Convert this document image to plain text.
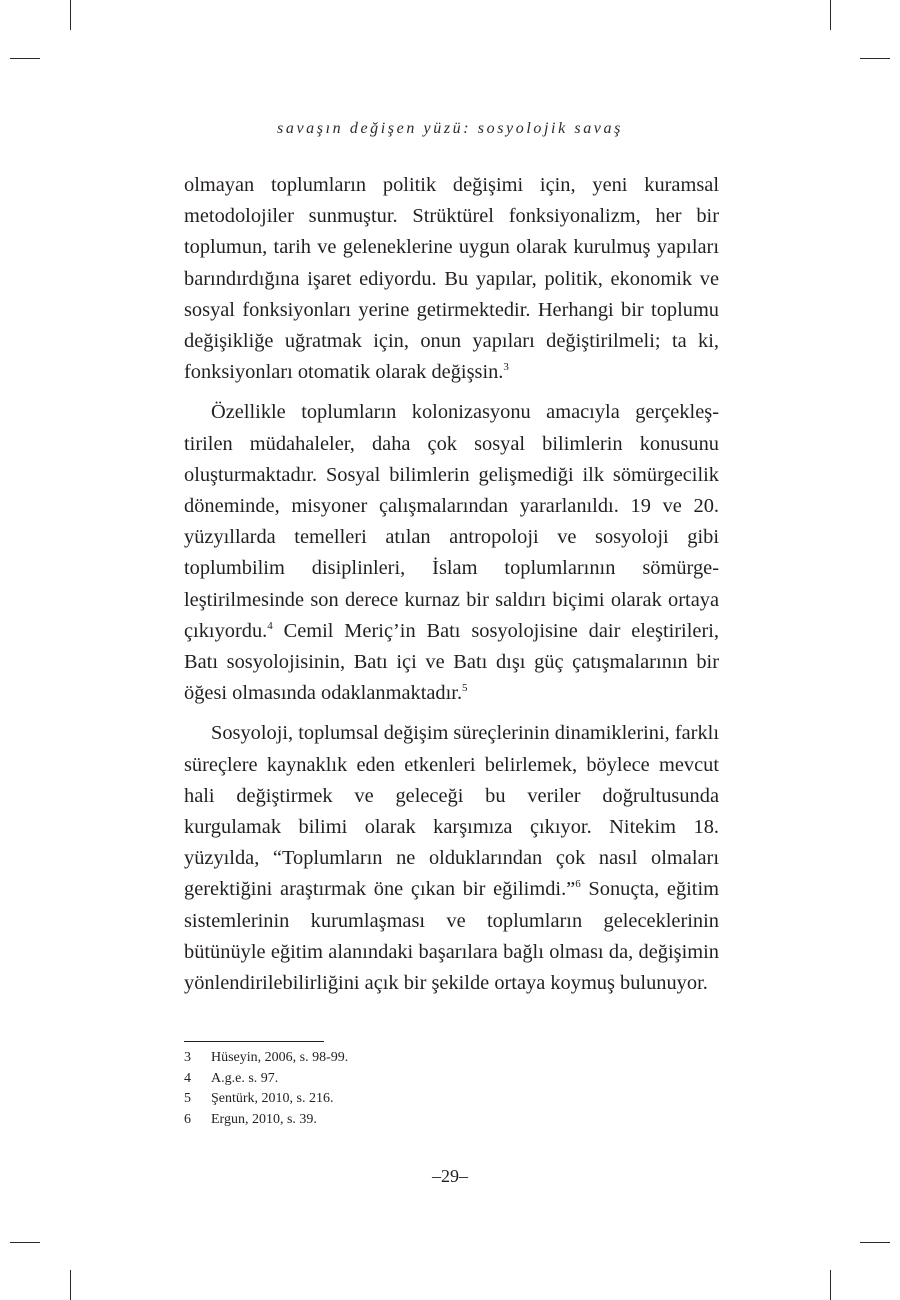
savaşın değişen yüzü: sosyolojik savaş

olmayan toplumların politik değişimi için, yeni kuramsal metodolojiler sunmuştur. Strüktürel fonksiyonalizm, her bir toplumun, tarih ve geleneklerine uygun olarak kurulmuş yapıları barındırdığına işaret ediyordu. Bu yapılar, politik, ekonomik ve sosyal fonksiyonları yerine getirmektedir. Herhangi bir toplumu değişikliğe uğratmak için, onun yapıları değiştirilmeli; ta ki, fonksiyonları otomatik olarak değişsin.$^3$

Özellikle toplumların kolonizasyonu amacıyla gerçekleştirilen müdahaleler, daha çok sosyal bilimlerin konusunu oluşturmaktadır. Sosyal bilimlerin gelişmediği ilk sömürgecilik döneminde, misyoner çalışmalarından yararlanıldı. 19 ve 20. yüzyıllarda temelleri atılan antropoloji ve sosyoloji gibi toplumbilim disiplinleri, İslam toplumlarının sömürgeleştirilmesinde son derece kurnaz bir saldırı biçimi olarak ortaya çıkıyordu.$^4$ Cemil Meriç’in Batı sosyolojisine dair eleştirileri, Batı sosyolojisinin, Batı içi ve Batı dışı güç çatışmalarının bir öğesi olmasında odaklanmaktadır.$^5$

Sosyoloji, toplumsal değişim süreçlerinin dinamiklerini, farklı süreçlere kaynaklık eden etkenleri belirlemek, böylece mevcut hali değiştirmek ve geleceği bu veriler doğrultusunda kurgulamak bilimi olarak karşımıza çıkıyor. Nitekim 18. yüzyılda, “Toplumların ne olduklarından çok nasıl olmaları gerektiğini araştırmak öne çıkan bir eğilimdi.”$^6$ Sonuçta, eğitim sistemlerinin kurumlaşması ve toplumların geleceklerinin bütünüyle eğitim alanındaki başarılara bağlı olması da, değişimin yönlendirilebilirliğini açık bir şekilde ortaya koymuş bulunuyor.

3	Hüseyin, 2006, s. 98-99.
4	A.g.e. s. 97.
5	Şentürk, 2010, s. 216.
6	Ergun, 2010, s. 39.
–29–
